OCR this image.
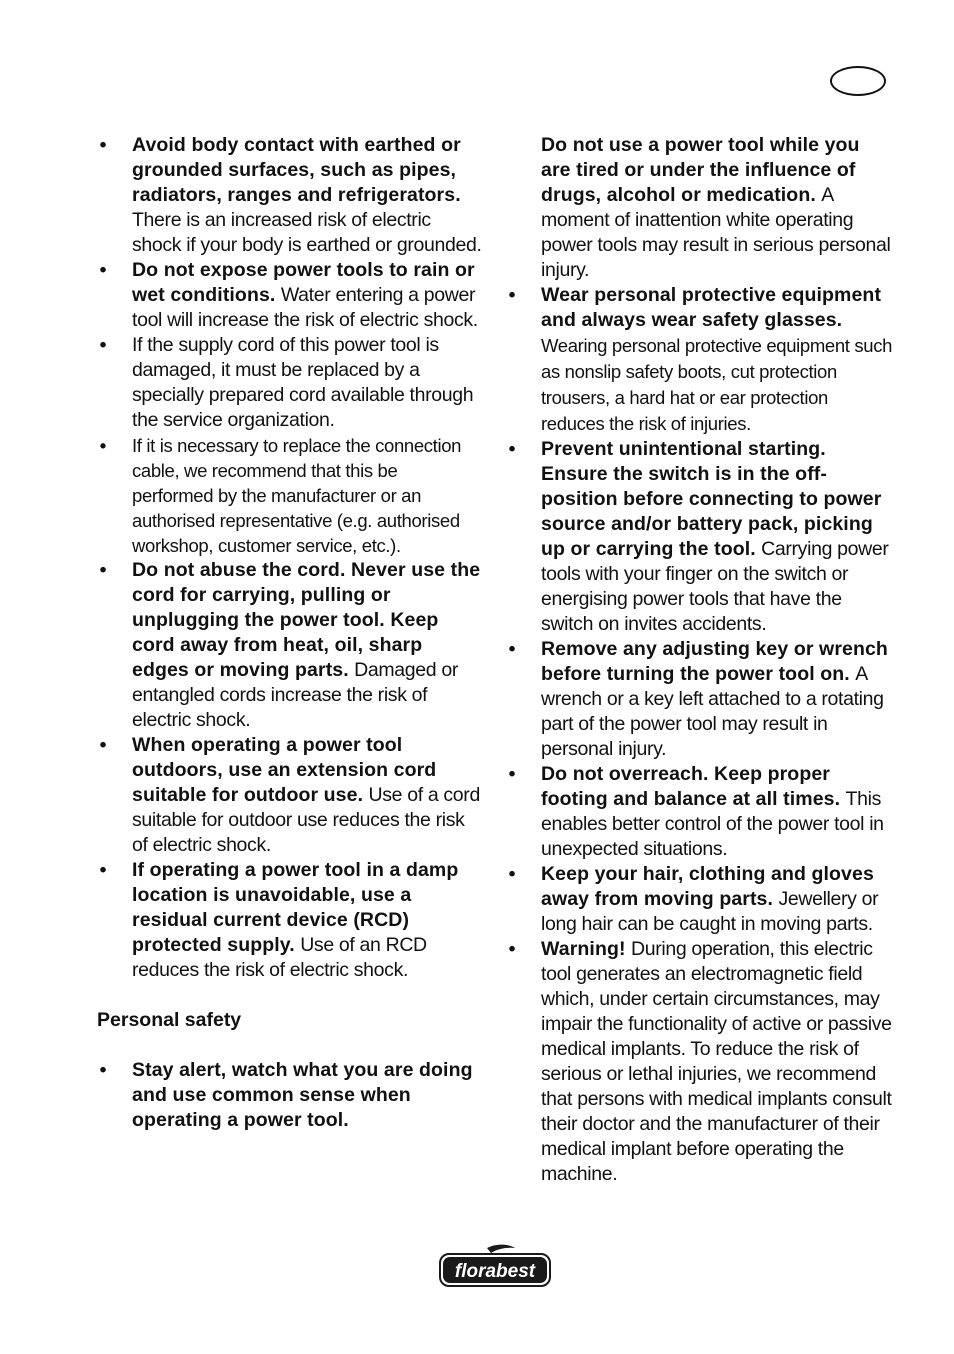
• Avoid body contact with earthed or grounded surfaces, such as pipes, radiators, ranges and refrigerators. There is an increased risk of electric shock if your body is earthed or grounded.
• Do not expose power tools to rain or wet conditions. Water entering a power tool will increase the risk of electric shock.
• If the supply cord of this power tool is damaged, it must be replaced by a specially prepared cord available through the service organization.
• If it is necessary to replace the connection cable, we recommend that this be performed by the manufacturer or an authorised representative (e.g. authorised workshop, customer service, etc.).
• Do not abuse the cord. Never use the cord for carrying, pulling or unplugging the power tool. Keep cord away from heat, oil, sharp edges or moving parts. Damaged or entangled cords increase the risk of electric shock.
• When operating a power tool outdoors, use an extension cord suitable for outdoor use. Use of a cord suitable for outdoor use reduces the risk of electric shock.
• If operating a power tool in a damp location is unavoidable, use a residual current device (RCD) protected supply. Use of an RCD reduces the risk of electric shock.
Personal safety
• Stay alert, watch what you are doing and use common sense when operating a power tool.
Do not use a power tool while you are tired or under the influence of drugs, alcohol or medication. A moment of inattention white operating power tools may result in serious personal injury.
• Wear personal protective equipment and always wear safety glasses. Wearing personal protective equipment such as nonslip safety boots, cut protection trousers, a hard hat or ear protection reduces the risk of injuries.
• Prevent unintentional starting. Ensure the switch is in the off-position before connecting to power source and/or battery pack, picking up or carrying the tool. Carrying power tools with your finger on the switch or energising power tools that have the switch on invites accidents.
• Remove any adjusting key or wrench before turning the power tool on. A wrench or a key left attached to a rotating part of the power tool may result in personal injury.
• Do not overreach. Keep proper footing and balance at all times. This enables better control of the power tool in unexpected situations.
• Keep your hair, clothing and gloves away from moving parts. Jewellery or long hair can be caught in moving parts.
• Warning! During operation, this electric tool generates an electromagnetic field which, under certain circumstances, may impair the functionality of active or passive medical implants. To reduce the risk of serious or lethal injuries, we recommend that persons with medical implants consult their doctor and the manufacturer of their medical implant before operating the machine.
florabest
